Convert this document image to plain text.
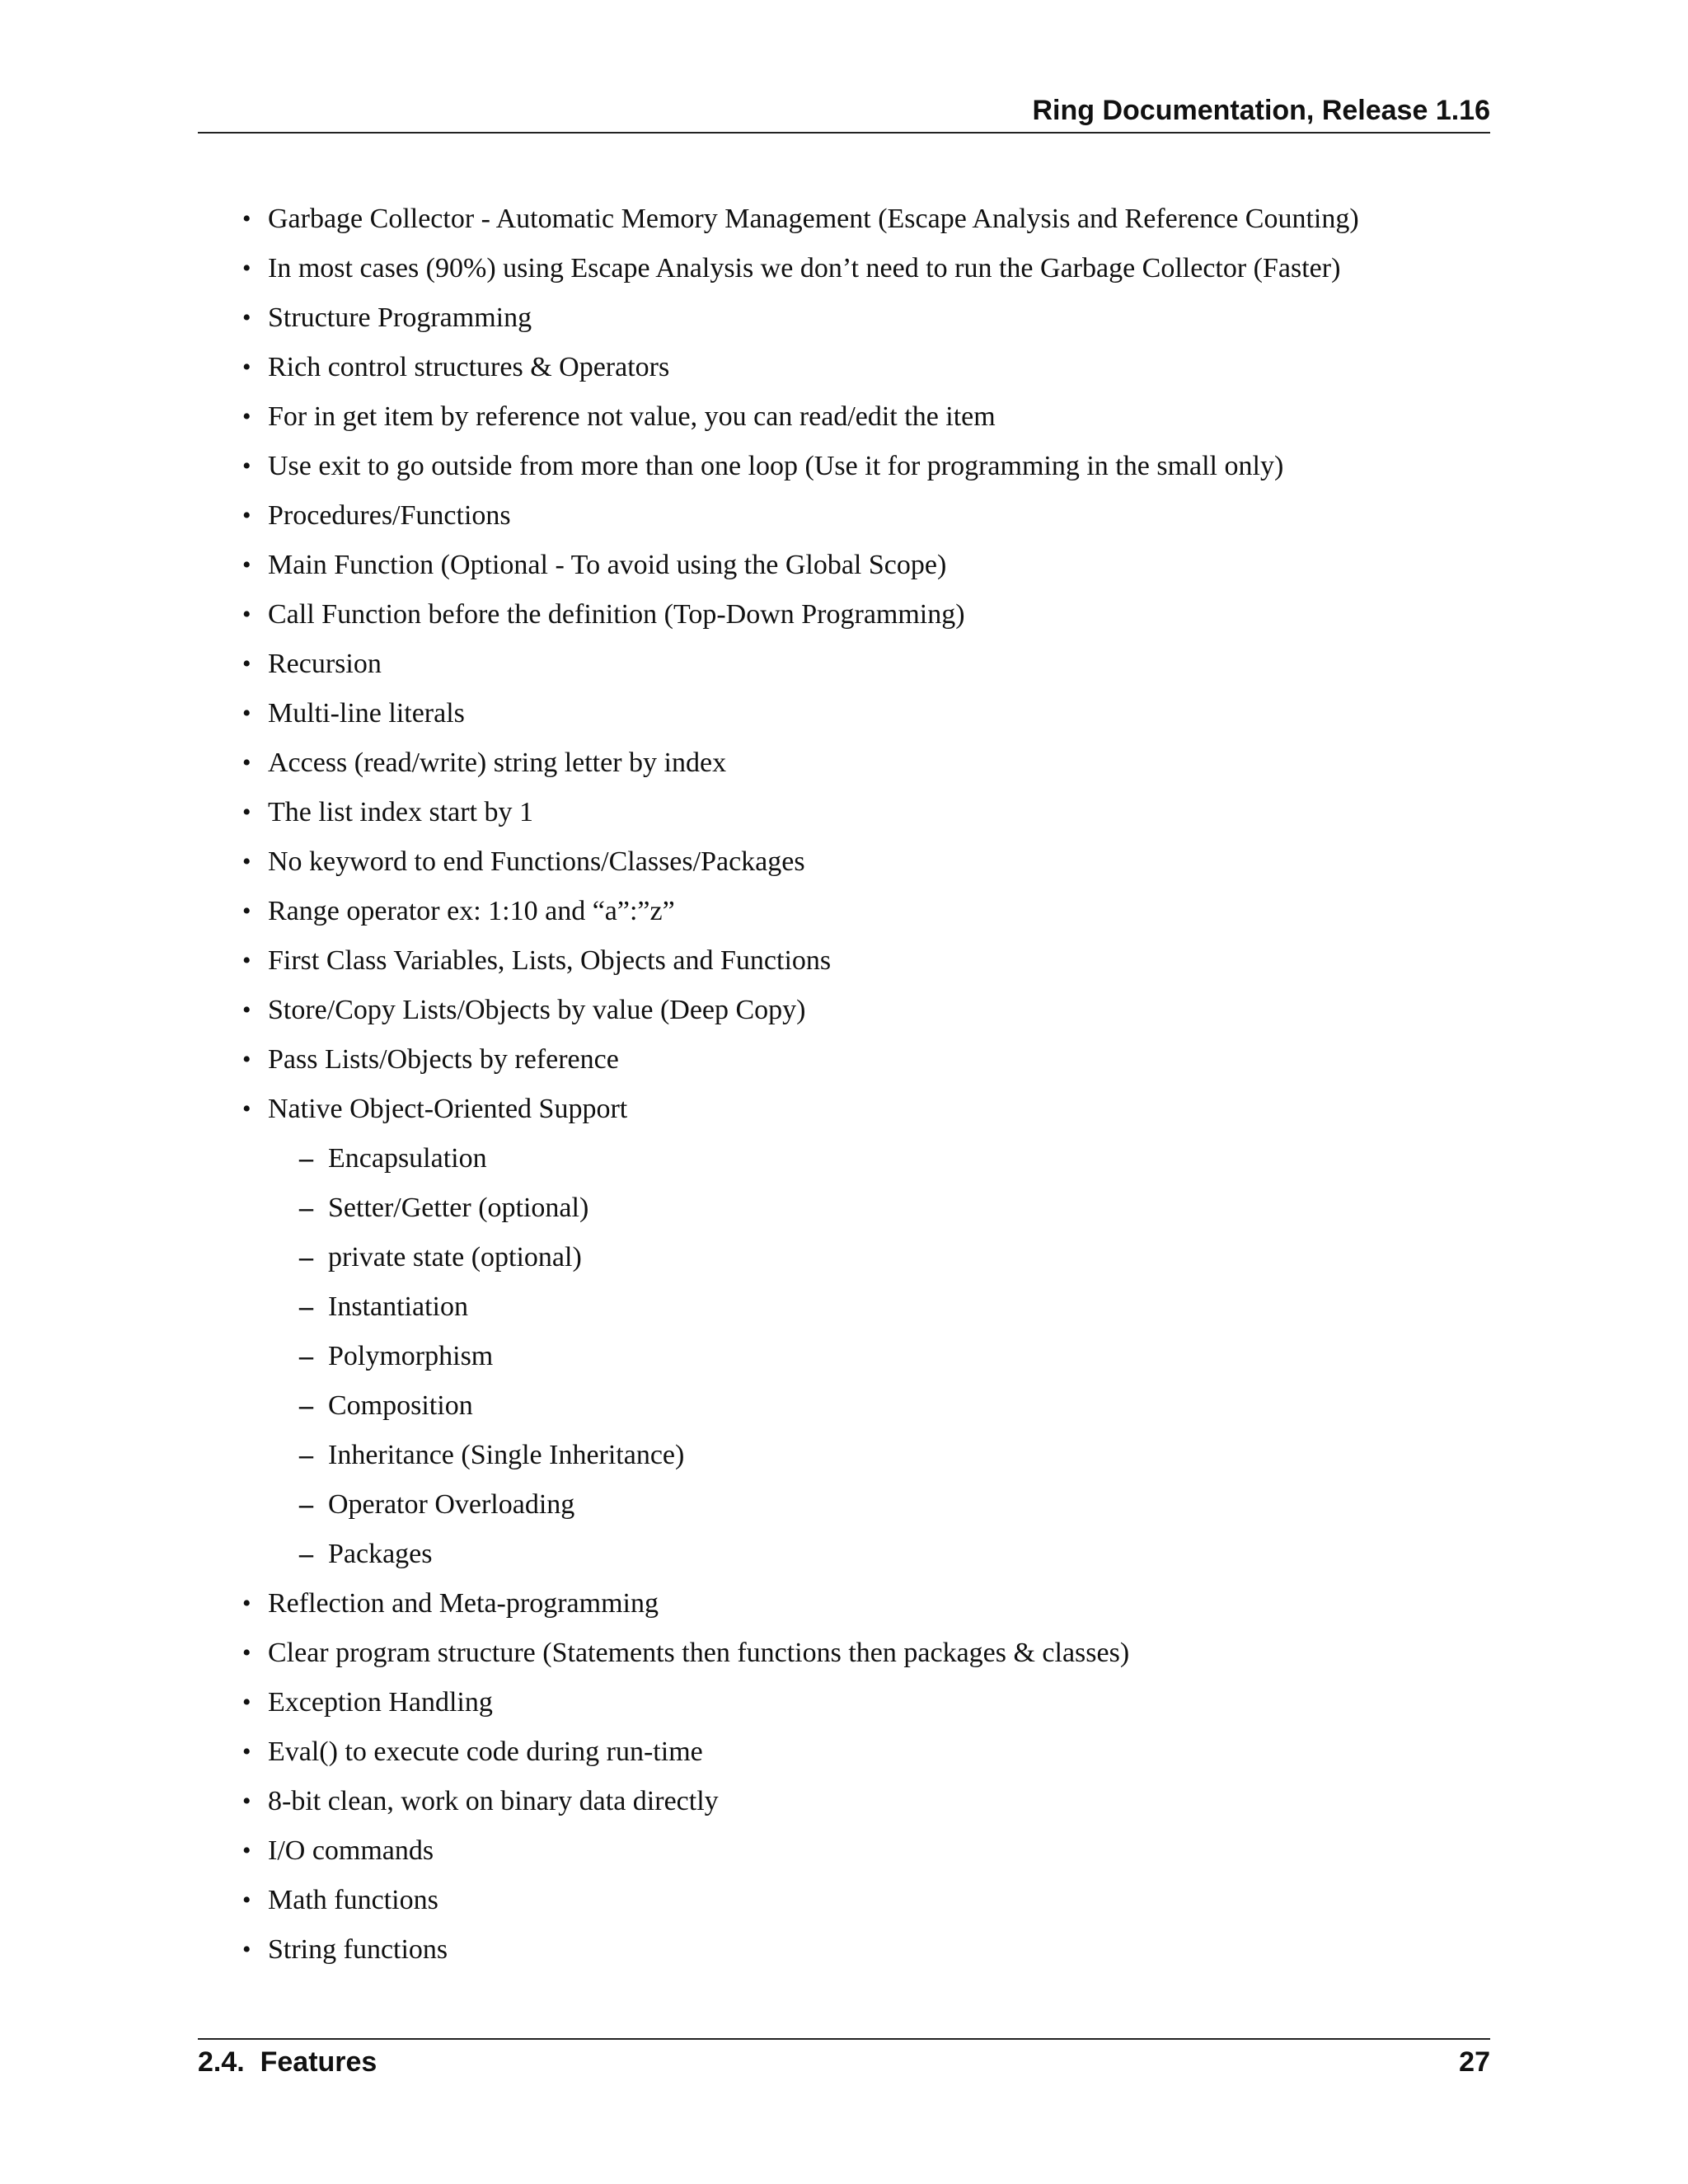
Ring Documentation, Release 1.16
• Garbage Collector - Automatic Memory Management (Escape Analysis and Reference Counting)
• In most cases (90%) using Escape Analysis we don’t need to run the Garbage Collector (Faster)
• Structure Programming
• Rich control structures & Operators
• For in get item by reference not value, you can read/edit the item
• Use exit to go outside from more than one loop (Use it for programming in the small only)
• Procedures/Functions
• Main Function (Optional - To avoid using the Global Scope)
• Call Function before the definition (Top-Down Programming)
• Recursion
• Multi-line literals
• Access (read/write) string letter by index
• The list index start by 1
• No keyword to end Functions/Classes/Packages
• Range operator ex: 1:10 and “a”:”z”
• First Class Variables, Lists, Objects and Functions
• Store/Copy Lists/Objects by value (Deep Copy)
• Pass Lists/Objects by reference
• Native Object-Oriented Support
– Encapsulation
– Setter/Getter (optional)
– private state (optional)
– Instantiation
– Polymorphism
– Composition
– Inheritance (Single Inheritance)
– Operator Overloading
– Packages
• Reflection and Meta-programming
• Clear program structure (Statements then functions then packages & classes)
• Exception Handling
• Eval() to execute code during run-time
• 8-bit clean, work on binary data directly
• I/O commands
• Math functions
• String functions
2.4.  Features	27
